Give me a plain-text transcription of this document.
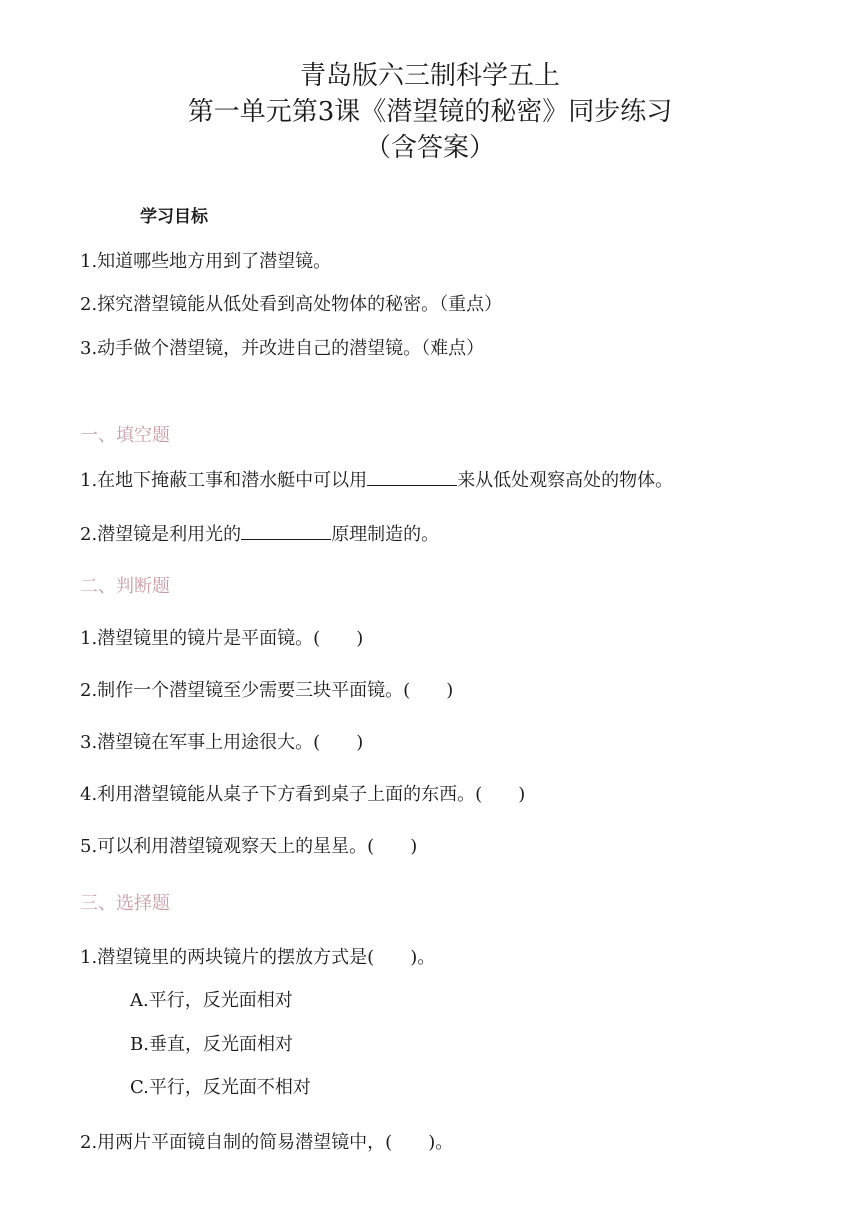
青岛版六三制科学五上
第一单元第3课《潜望镜的秘密》同步练习
（含答案）
学习目标
1.知道哪些地方用到了潜望镜。
2.探究潜望镜能从低处看到高处物体的秘密。（重点）
3.动手做个潜望镜，并改进自己的潜望镜。（难点）
一、填空题
1.在地下掩蔽工事和潜水艇中可以用	来从低处观察高处的物体。
2.潜望镜是利用光的	原理制造的。
二、判断题
1.潜望镜里的镜片是平面镜。(　　)
2.制作一个潜望镜至少需要三块平面镜。(　　)
3.潜望镜在军事上用途很大。(　　)
4.利用潜望镜能从桌子下方看到桌子上面的东西。(　　)
5.可以利用潜望镜观察天上的星星。(　　)
三、选择题
1.潜望镜里的两块镜片的摆放方式是(　　)。
A.平行，反光面相对
B.垂直，反光面相对
C.平行，反光面不相对
2.用两片平面镜自制的简易潜望镜中，(　　)。
